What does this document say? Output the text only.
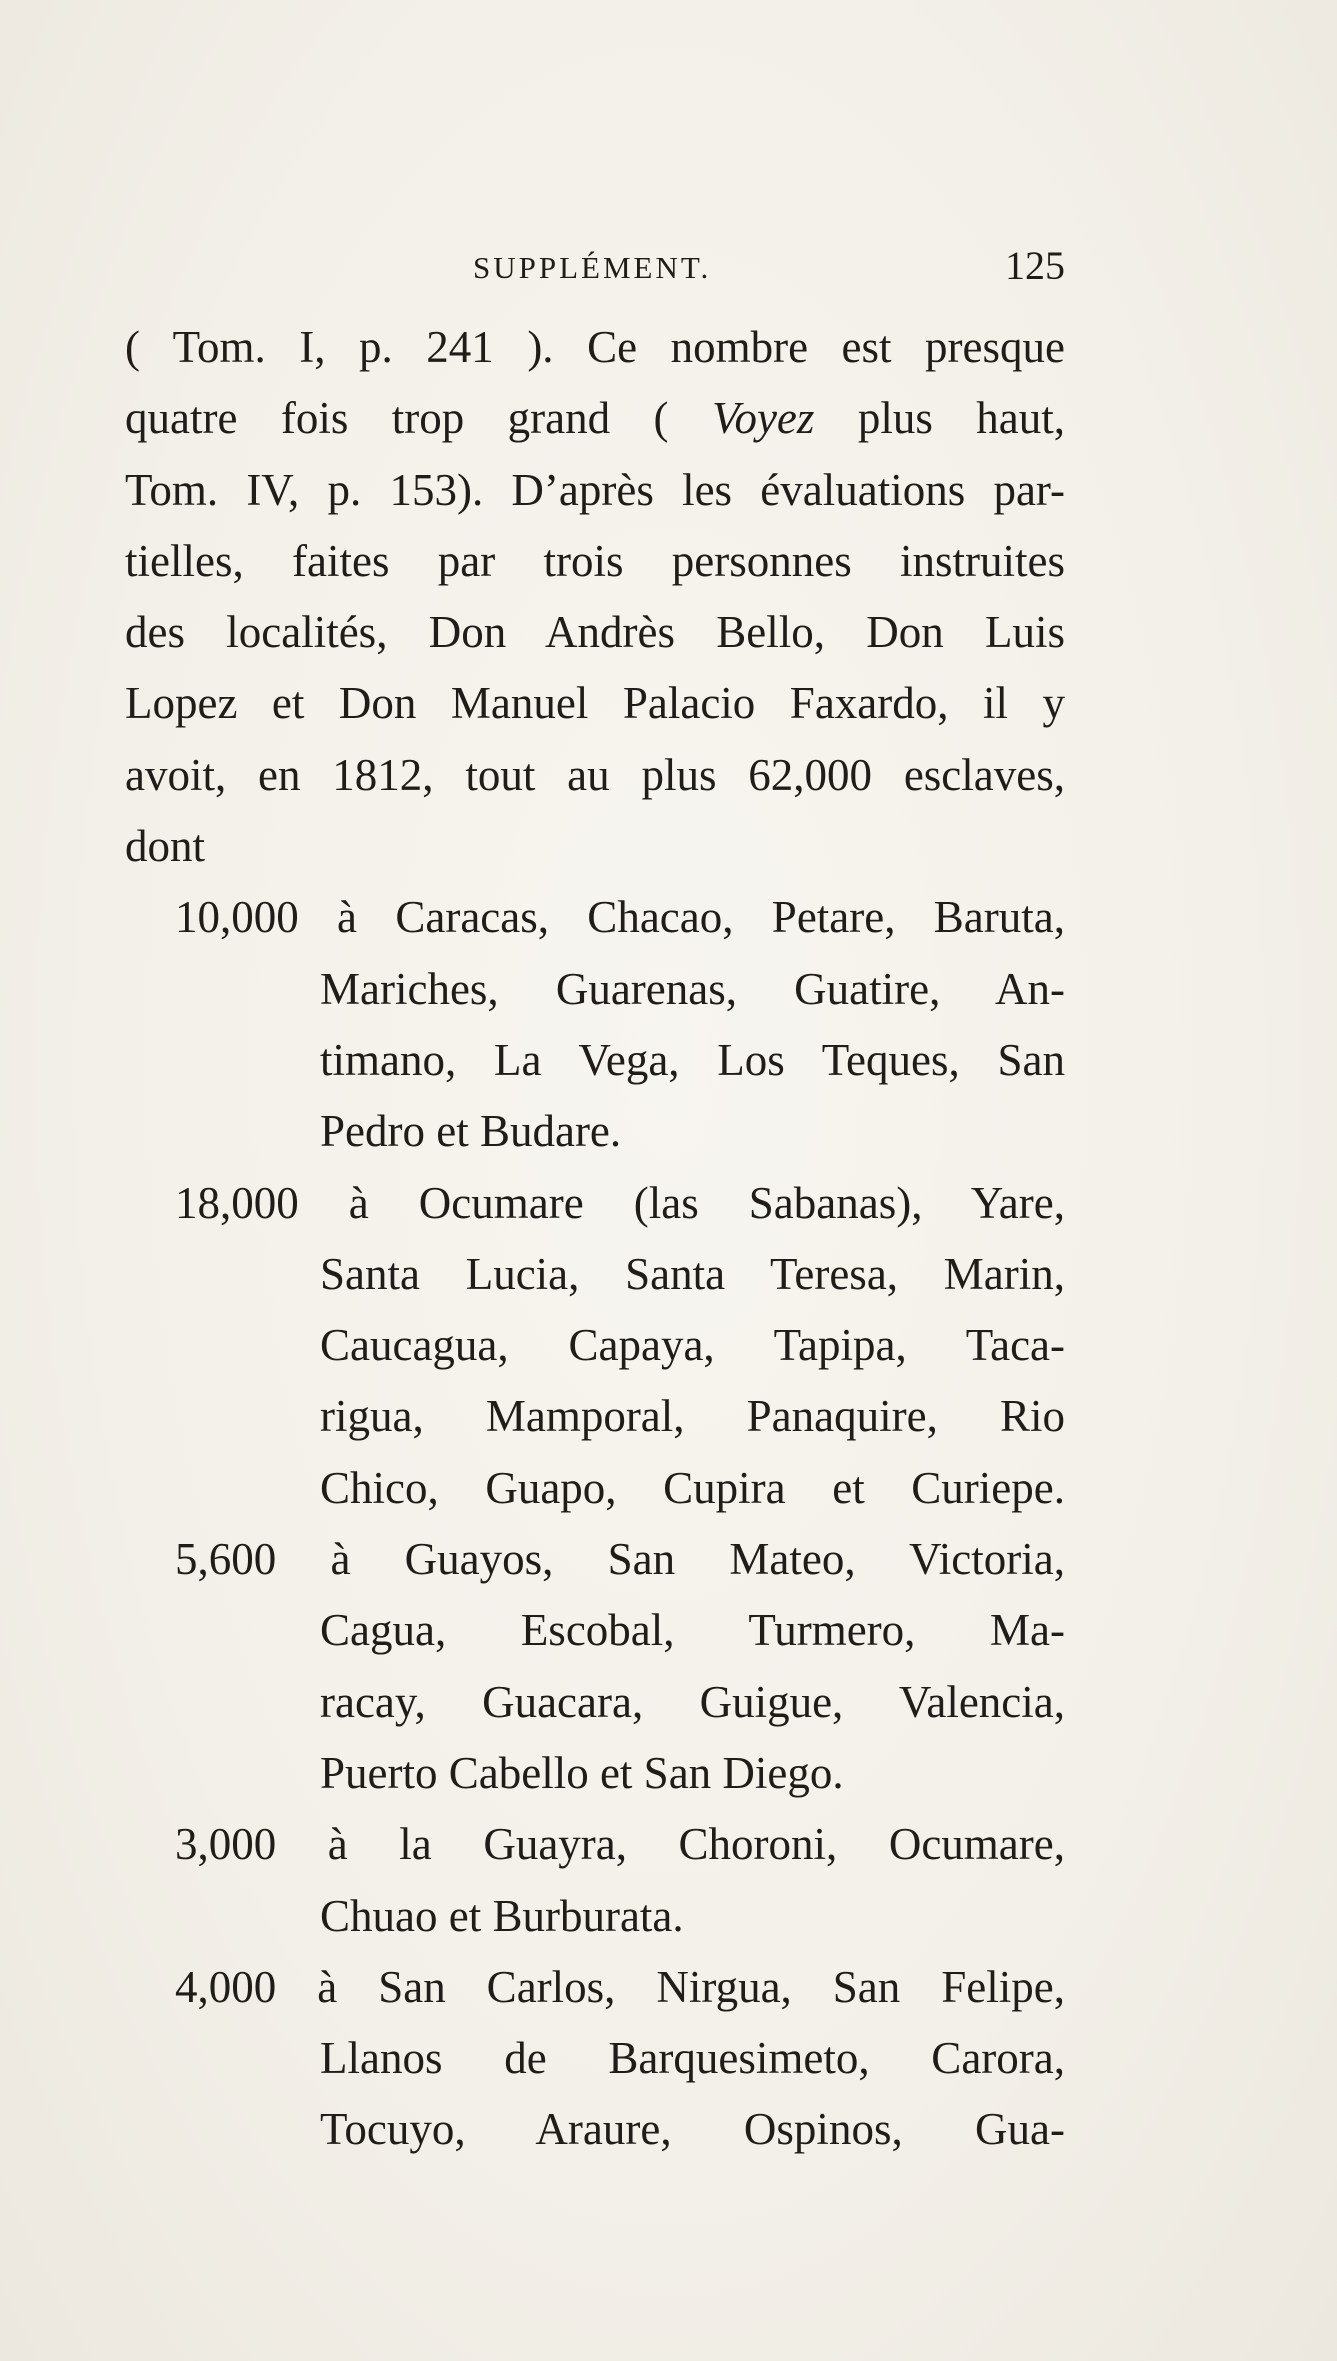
SUPPLÉMENT.	125
( Tom. I, p. 241 ). Ce nombre est presque
quatre fois trop grand ( Voyez plus haut,
Tom. IV, p. 153). D’après les évaluations par-
tielles, faites par trois personnes instruites
des localités, Don Andrès Bello, Don Luis
Lopez et Don Manuel Palacio Faxardo, il y
avoit, en 1812, tout au plus 62,000 esclaves,
dont
10,000 à Caracas, Chacao, Petare, Baruta,
Mariches, Guarenas, Guatire, An-
timano, La Vega, Los Teques, San
Pedro et Budare.
18,000 à Ocumare (las Sabanas), Yare,
Santa Lucia, Santa Teresa, Marin,
Caucagua, Capaya, Tapipa, Taca-
rigua, Mamporal, Panaquire, Rio
Chico, Guapo, Cupira et Curiepe.
5,600 à Guayos, San Mateo, Victoria,
Cagua, Escobal, Turmero, Ma-
racay, Guacara, Guigue, Valencia,
Puerto Cabello et San Diego.
3,000 à la Guayra, Choroni, Ocumare,
Chuao et Burburata.
4,000 à San Carlos, Nirgua, San Felipe,
Llanos de Barquesimeto, Carora,
Tocuyo, Araure, Ospinos, Gua-
